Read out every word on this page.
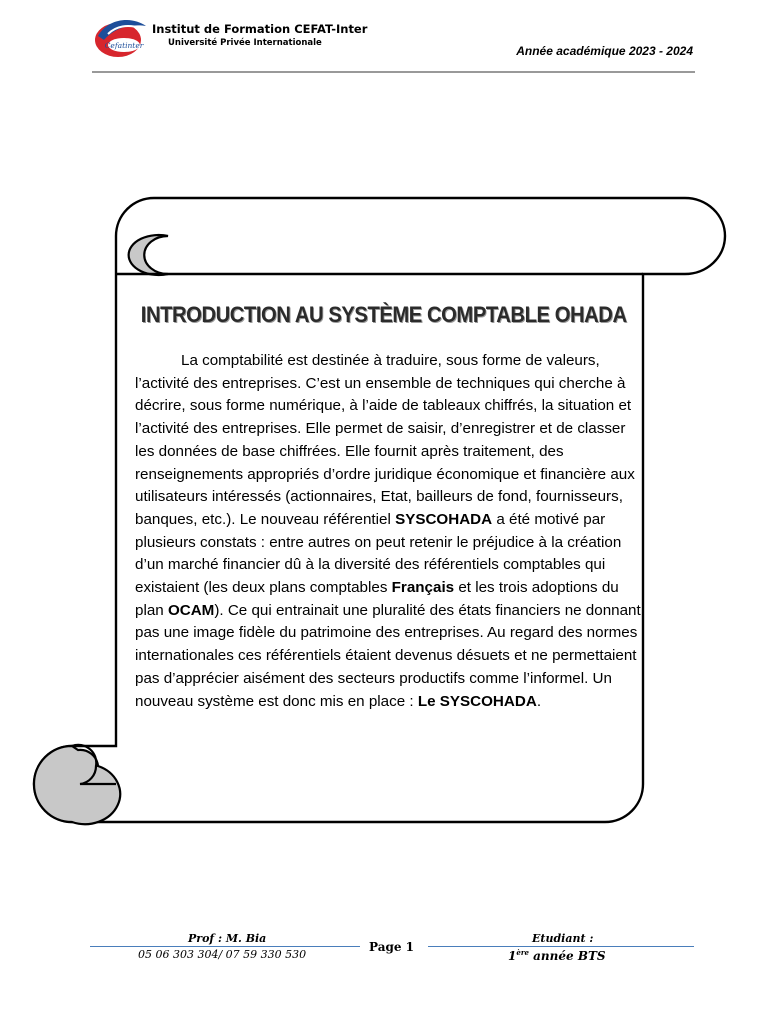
Cefatinter
Institut de Formation CEFAT-Inter
Université Privée Internationale
Année académique 2023 - 2024
INTRODUCTION AU SYSTÈME COMPTABLE OHADA
La comptabilité est destinée à traduire, sous forme de valeurs,
l’activité des entreprises. C’est un ensemble de techniques qui cherche à
décrire, sous forme numérique, à l’aide de tableaux chiffrés, la situation et
l’activité des entreprises. Elle permet de saisir, d’enregistrer et de classer
les données de base chiffrées. Elle fournit après traitement, des
renseignements appropriés d’ordre juridique économique et financière aux
utilisateurs intéressés (actionnaires, Etat, bailleurs de fond, fournisseurs,
banques, etc.). Le nouveau référentiel SYSCOHADA a été motivé par
plusieurs constats : entre autres on peut retenir le préjudice à la création
d’un marché financier dû à la diversité des référentiels comptables qui
existaient (les deux plans comptables Français et les trois adoptions du
plan OCAM). Ce qui entrainait une pluralité des états financiers ne donnant
pas une image fidèle du patrimoine des entreprises. Au regard des normes
internationales ces référentiels étaient devenus désuets et ne permettaient
pas d’apprécier aisément des secteurs productifs comme l’informel. Un
nouveau système est donc mis en place : Le SYSCOHADA.
Prof : M. Bia
05 06 303 304/ 07 59 330 530
Page 1
Etudiant :
1ère année BTS
